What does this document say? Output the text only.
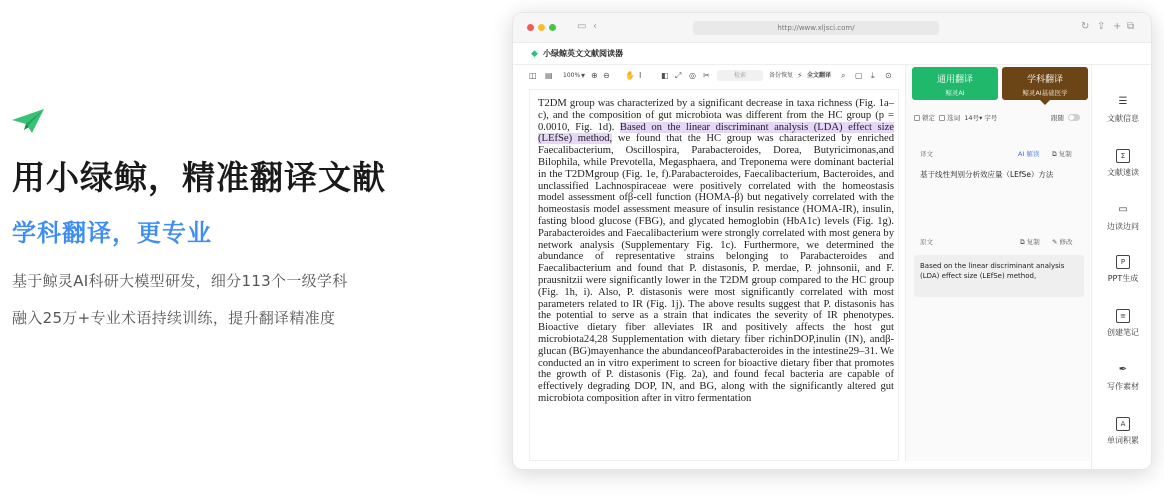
用小绿鲸，精准翻译文献
学科翻译，更专业
基于鲸灵AI科研大模型研发，细分113个一级学科
融入25万+专业术语持续训练，提升翻译精准度
▭ ‹	http://www.xljsci.com/	↻ ⇪ + ⧉
◆ 小绿鲸英文文献阅读器
◫ ▤ 100% ▾ ⊕ ⊖ ✋ I ◧ ⤢ ◎ ✂	检索	备份恢复 ⚡ 全文翻译 ⌕ ▢ ⤓ ⊙
T2DM group was characterized by a significant decrease in taxa richness (Fig. 1a–c), and the composition of gut microbiota was different from the HC group (p = 0.0010, Fig. 1d). Based on the linear discriminant analysis (LDA) effect size (LEfSe) method, we found that the HC group was characterized by enriched Faecalibacterium, Oscillospira, Parabacteroides, Dorea, Butyricimonas,and Bilophila, while Prevotella, Megasphaera, and Treponema were dominant bacterial in the T2DMgroup (Fig. 1e, f).Parabacteroides, Faecalibacterium, Bacteroides, and unclassified Lachnospiraceae were positively correlated with the homeostasis model assessment ofβ-cell function (HOMA-β) but negatively correlated with the homeostasis model assessment measure of insulin resistance (HOMA-IR), insulin, fasting blood glucose (FBG), and glycated hemoglobin (HbA1c) levels (Fig. 1g). Parabacteroides and Faecalibacterium were strongly correlated with most genera by network analysis (Supplementary Fig. 1c). Furthermore, we determined the abundance of representative strains belonging to Parabacteroides and Faecalibacterium and found that P. distasonis, P. merdae, P. johnsonii, and F. prausnitzii were significantly lower in the T2DM group compared to the HC group (Fig. 1h, i). Also, P. distasonis were most significantly correlated with most parameters related to IR (Fig. 1j). The above results suggest that P. distasonis has the potential to serve as a strain that indicates the severity of IR phenotypes. Bioactive dietary fiber alleviates IR and positively affects the host gut microbiota24,28 Supplementation with dietary fiber richinDOP,inulin (IN), andβ-glucan (BG)mayenhance the abundanceofParabacteroides in the intestine29–31. We conducted an in vitro experiment to screen for bioactive dietary fiber that promotes the growth of P. distasonis (Fig. 2a), and found fecal bacteria are capable of effectively degrading DOP, IN, and BG, along with the significantly altered gut microbiota composition after in vitro fermentation
通用翻译
鲸灵AI
学科翻译
鲸灵AI基础医学
锁定 选词 14号▾ 字号	跟随
译文	AI 解读 ⧉ 复制
基于线性判别分析效应量（LEfSe）方法
原文	⧉ 复制 ✎ 修改
Based on the linear discriminant analysis (LDA) effect size (LEfSe) method,
☰
文献信息
Σ
文献速读
▭
边读边问
P
PPT生成
≡
创建笔记
✒
写作素材
A
单词积累
